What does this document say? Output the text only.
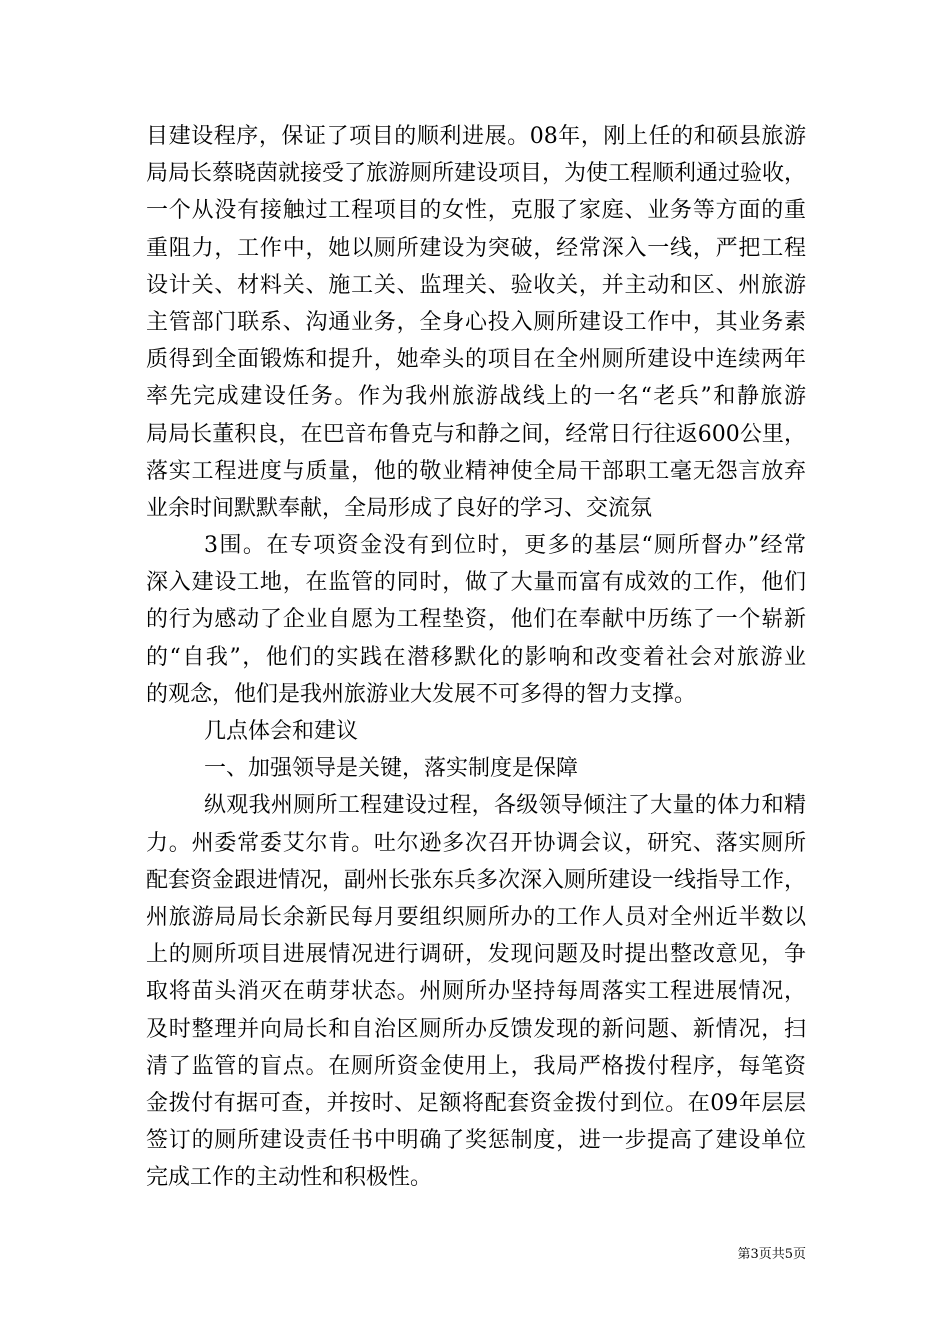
目建设程序，保证了项目的顺利进展。08年，刚上任的和硕县旅游
局局长蔡晓茵就接受了旅游厕所建设项目，为使工程顺利通过验收，
一个从没有接触过工程项目的女性，克服了家庭、业务等方面的重
重阻力，工作中，她以厕所建设为突破，经常深入一线，严把工程
设计关、材料关、施工关、监理关、验收关，并主动和区、州旅游
主管部门联系、沟通业务，全身心投入厕所建设工作中，其业务素
质得到全面锻炼和提升，她牵头的项目在全州厕所建设中连续两年
率先完成建设任务。作为我州旅游战线上的一名“老兵”和静旅游
局局长董积良，在巴音布鲁克与和静之间，经常日行往返600公里，
落实工程进度与质量，他的敬业精神使全局干部职工毫无怨言放弃
业余时间默默奉献，全局形成了良好的学习、交流氛
3围。在专项资金没有到位时，更多的基层“厕所督办”经常
深入建设工地，在监管的同时，做了大量而富有成效的工作，他们
的行为感动了企业自愿为工程垫资，他们在奉献中历练了一个崭新
的“自我”，他们的实践在潜移默化的影响和改变着社会对旅游业
的观念，他们是我州旅游业大发展不可多得的智力支撑。
几点体会和建议
一、加强领导是关键，落实制度是保障
纵观我州厕所工程建设过程，各级领导倾注了大量的体力和精
力。州委常委艾尔肯。吐尔逊多次召开协调会议，研究、落实厕所
配套资金跟进情况，副州长张东兵多次深入厕所建设一线指导工作，
州旅游局局长余新民每月要组织厕所办的工作人员对全州近半数以
上的厕所项目进展情况进行调研，发现问题及时提出整改意见，争
取将苗头消灭在萌芽状态。州厕所办坚持每周落实工程进展情况，
及时整理并向局长和自治区厕所办反馈发现的新问题、新情况，扫
清了监管的盲点。在厕所资金使用上，我局严格拨付程序，每笔资
金拨付有据可查，并按时、足额将配套资金拨付到位。在09年层层
签订的厕所建设责任书中明确了奖惩制度，进一步提高了建设单位
完成工作的主动性和积极性。
第3页共5页
